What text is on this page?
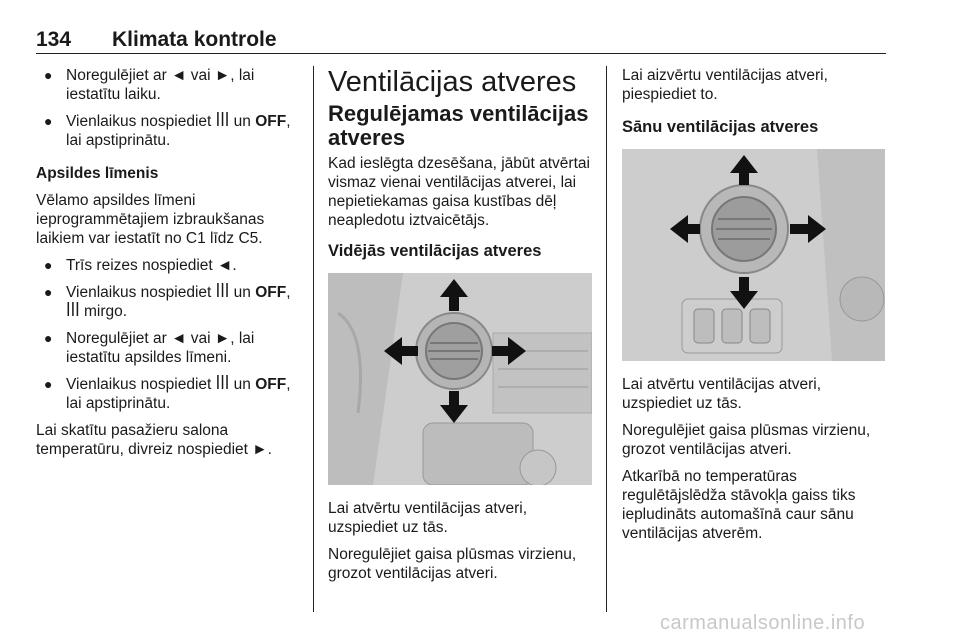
134 Klimata kontrole
● Noregulējiet ar ◄ vai ►, lai iestatītu laiku.
● Vienlaikus nospiediet ꟾꟾꟾ un OFF, lai apstiprinātu.

Apsildes līmenis

Vēlamo apsildes līmeni ieprogrammētajiem izbraukšanas laikiem var iestatīt no C1 līdz C5.

● Trīs reizes nospiediet ◄.
● Vienlaikus nospiediet ꟾꟾꟾ un OFF,
ꟾꟾꟾ mirgo.
● Noregulējiet ar ◄ vai ►, lai iestatītu apsildes līmeni.
● Vienlaikus nospiediet ꟾꟾꟾ un OFF, lai apstiprinātu.

Lai skatītu pasažieru salona temperatūru, divreiz nospiediet ►.

Ventilācijas atveres
Regulējamas ventilācijas atveres

Kad ieslēgta dzesēšana, jābūt atvērtai vismaz vienai ventilācijas atverei, lai nepietiekamas gaisa kustības dēļ neapledotu iztvaicētājs.

Vidējās ventilācijas atveres

Lai atvērtu ventilācijas atveri, uzspiediet uz tās.

Noregulējiet gaisa plūsmas virzienu, grozot ventilācijas atveri.

Lai aizvērtu ventilācijas atveri, piespiediet to.

Sānu ventilācijas atveres

Lai atvērtu ventilācijas atveri, uzspiediet uz tās.

Noregulējiet gaisa plūsmas virzienu, grozot ventilācijas atveri.

Atkarībā no temperatūras regulētājslēdža stāvokļa gaiss tiks iepludināts automašīnā caur sānu ventilācijas atverēm.

carmanualsonline.info
